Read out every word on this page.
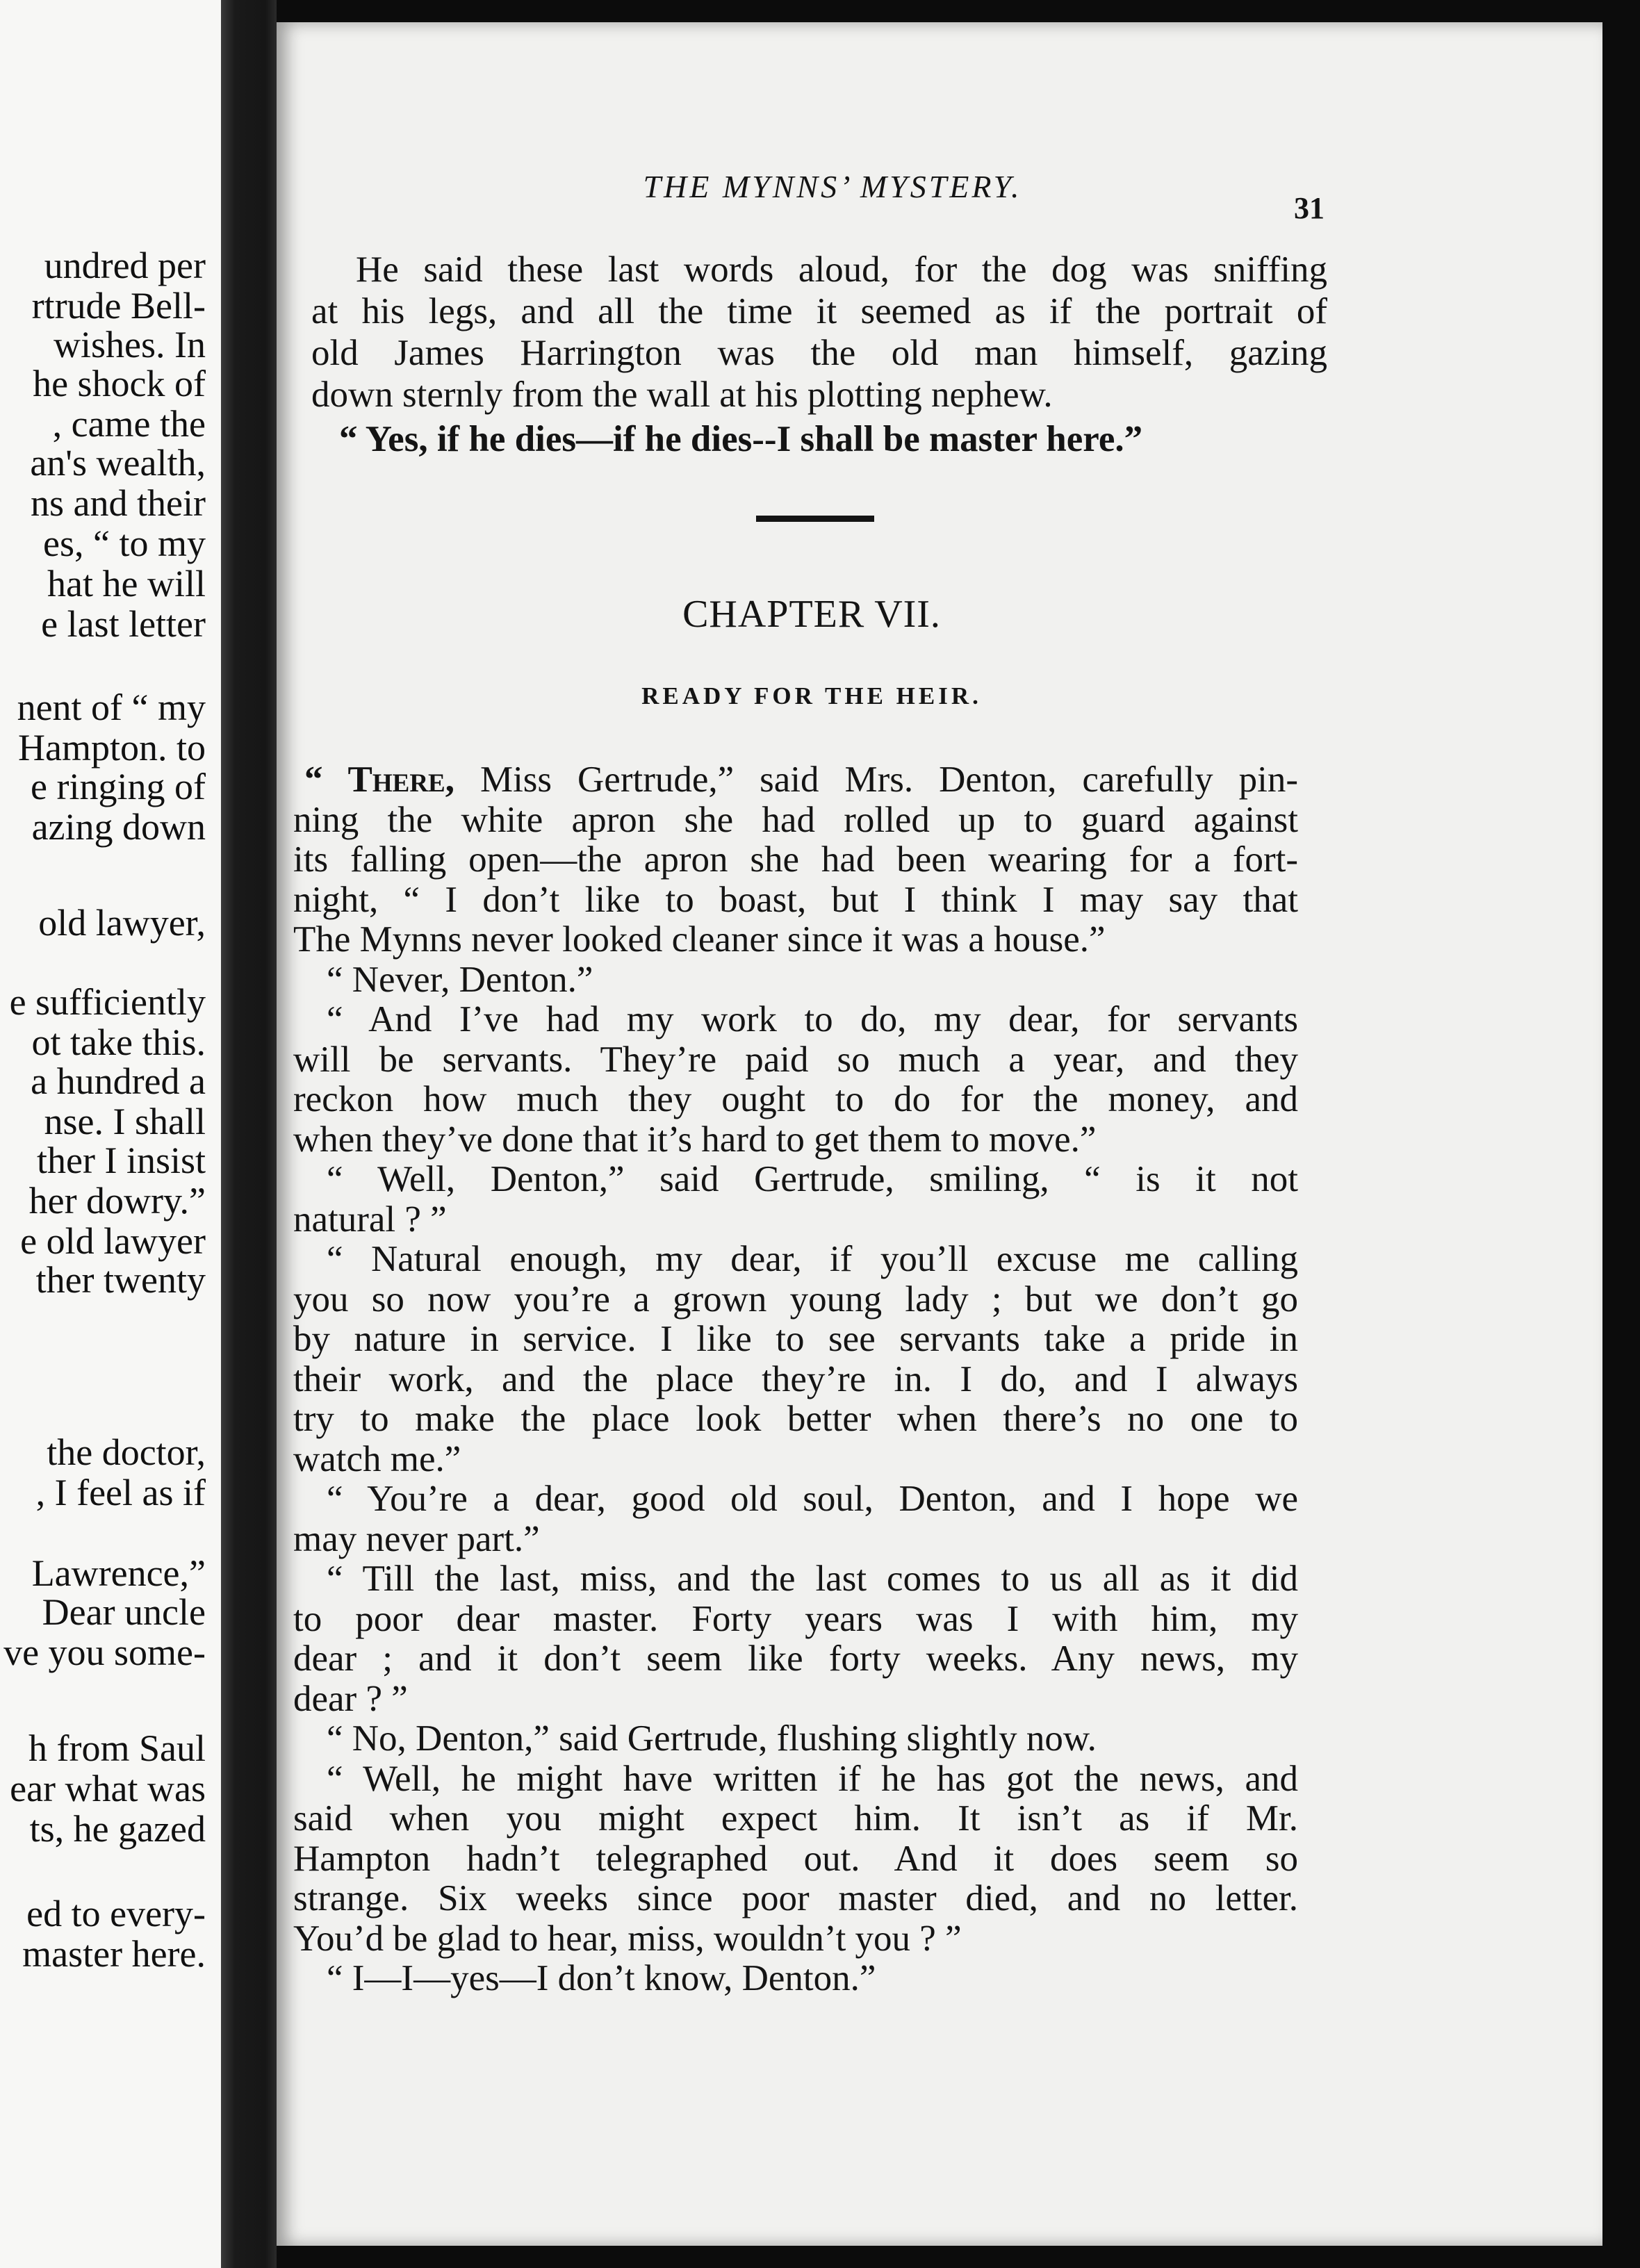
undred per
rtrude Bell-
wishes. In
he shock of
, came the
an's wealth,
ns and their
es, “ to my
hat he will
e last letter
nent of “ my
Hampton. to
e ringing of
azing down
old lawyer,
e sufficiently
ot take this.
a hundred a
nse. I shall
ther I insist
her dowry.”
e old lawyer
ther twenty
the doctor,
, I feel as if
Lawrence,”
Dear uncle
ve you some-
h from Saul
ear what was
ts, he gazed
ed to every-
master here.
THE MYNNS’ MYSTERY.
31
He said these last words aloud, for the dog was sniffing
at his legs, and all the time it seemed as if the portrait of
old James Harrington was the old man himself, gazing
down sternly from the wall at his plotting nephew.
“ Yes, if he dies—if he dies--I shall be master here.”
“ There, Miss Gertrude,” said Mrs. Denton, carefully pin-
ning the white apron she had rolled up to guard against
its falling open—the apron she had been wearing for a fort-
night, “ I don’t like to boast, but I think I may say that
The Mynns never looked cleaner since it was a house.”
“ Never, Denton.”
“ And I’ve had my work to do, my dear, for servants
will be servants. They’re paid so much a year, and they
reckon how much they ought to do for the money, and
when they’ve done that it’s hard to get them to move.”
“ Well, Denton,” said Gertrude, smiling, “ is it not
natural ? ”
“ Natural enough, my dear, if you’ll excuse me calling
you so now you’re a grown young lady ; but we don’t go
by nature in service. I like to see servants take a pride in
their work, and the place they’re in. I do, and I always
try to make the place look better when there’s no one to
watch me.”
“ You’re a dear, good old soul, Denton, and I hope we
may never part.”
“ Till the last, miss, and the last comes to us all as it did
to poor dear master. Forty years was I with him, my
dear ; and it don’t seem like forty weeks. Any news, my
dear ? ”
“ No, Denton,” said Gertrude, flushing slightly now.
“ Well, he might have written if he has got the news, and
said when you might expect him. It isn’t as if Mr.
Hampton hadn’t telegraphed out. And it does seem so
strange. Six weeks since poor master died, and no letter.
You’d be glad to hear, miss, wouldn’t you ? ”
“ I—I—yes—I don’t know, Denton.”
CHAPTER VII.
READY FOR THE HEIR.
